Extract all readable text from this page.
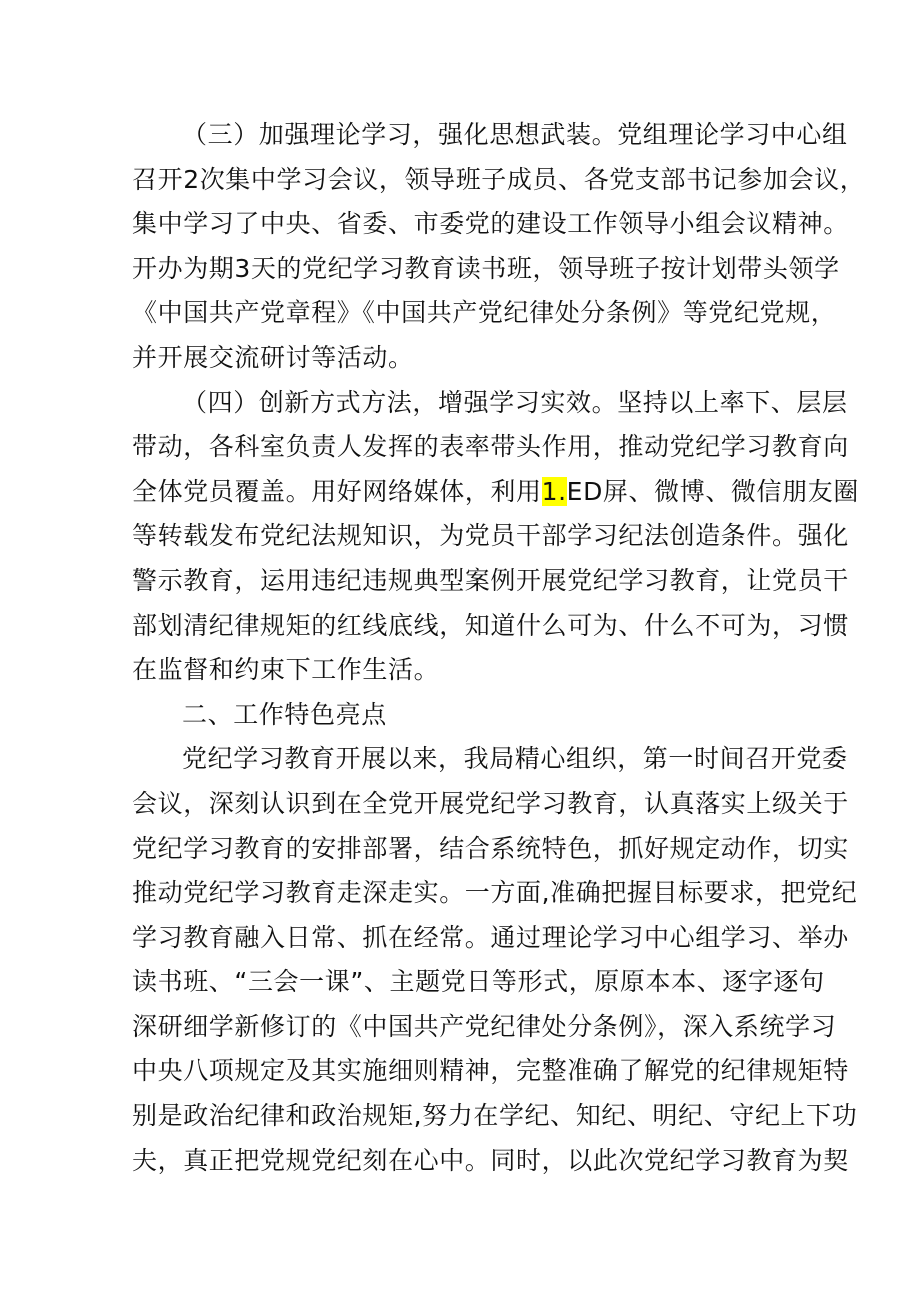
（三）加强理论学习，强化思想武装。党组理论学习中心组
召开2次集中学习会议，领导班子成员、各党支部书记参加会议，
集中学习了中央、省委、市委党的建设工作领导小组会议精神。
开办为期3天的党纪学习教育读书班，领导班子按计划带头领学
《中国共产党章程》《中国共产党纪律处分条例》等党纪党规，
并开展交流研讨等活动。
（四）创新方式方法，增强学习实效。坚持以上率下、层层
带动，各科室负责人发挥的表率带头作用，推动党纪学习教育向
全体党员覆盖。用好网络媒体，利用1.ED屏、微博、微信朋友圈
等转载发布党纪法规知识，为党员干部学习纪法创造条件。强化
警示教育，运用违纪违规典型案例开展党纪学习教育，让党员干
部划清纪律规矩的红线底线，知道什么可为、什么不可为，习惯
在监督和约束下工作生活。
二、工作特色亮点
党纪学习教育开展以来，我局精心组织，第一时间召开党委
会议，深刻认识到在全党开展党纪学习教育，认真落实上级关于
党纪学习教育的安排部署，结合系统特色，抓好规定动作，切实
推动党纪学习教育走深走实。一方面,准确把握目标要求，把党纪
学习教育融入日常、抓在经常。通过理论学习中心组学习、举办
读书班、“三会一课”、主题党日等形式，原原本本、逐字逐句
深研细学新修订的《中国共产党纪律处分条例》，深入系统学习
中央八项规定及其实施细则精神，完整准确了解党的纪律规矩特
别是政治纪律和政治规矩,努力在学纪、知纪、明纪、守纪上下功
夫，真正把党规党纪刻在心中。同时，以此次党纪学习教育为契
